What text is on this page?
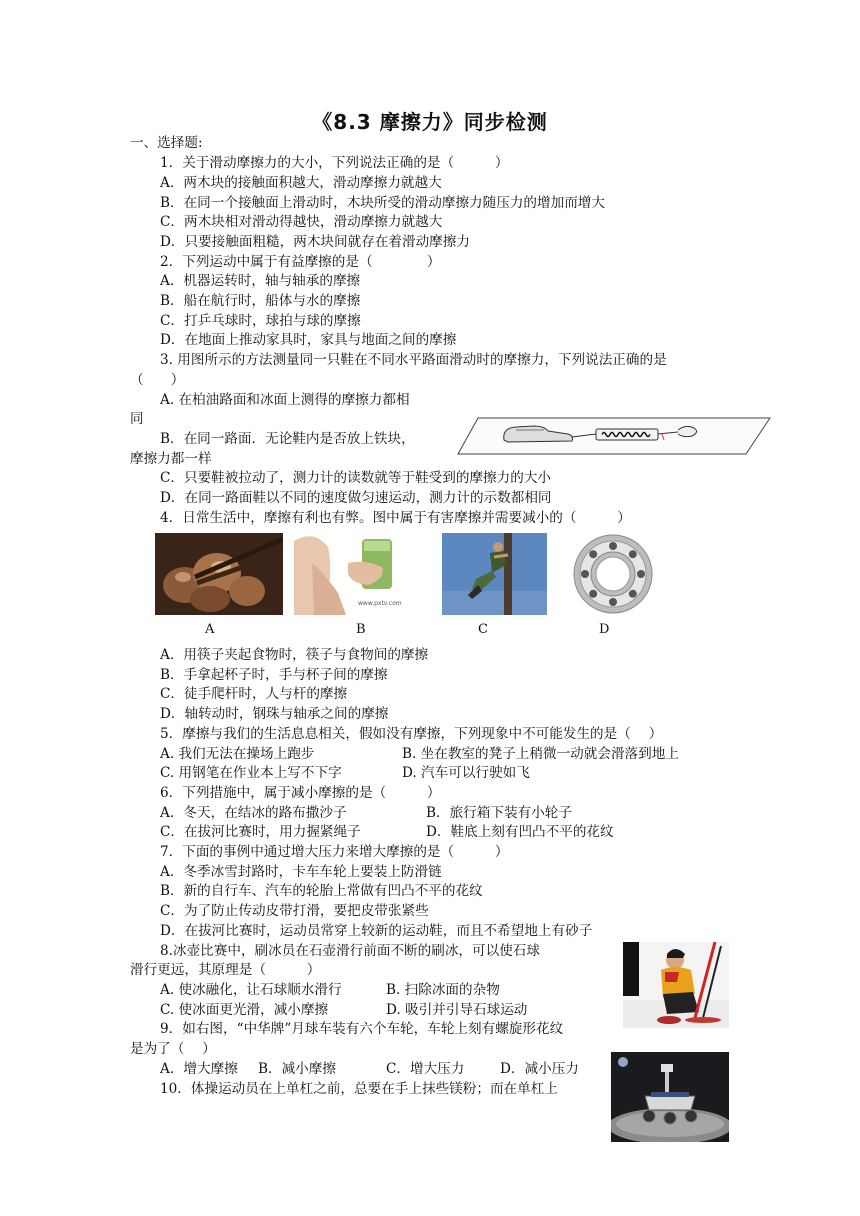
《8.3 摩擦力》同步检测
一、选择题:
1．关于滑动摩擦力的大小，下列说法正确的是（　　　）
A．两木块的接触面积越大，滑动摩擦力就越大
B．在同一个接触面上滑动时，木块所受的滑动摩擦力随压力的增加而增大
C．两木块相对滑动得越快，滑动摩擦力就越大
D．只要接触面粗糙，两木块间就存在着滑动摩擦力
2．下列运动中属于有益摩擦的是（　　　　）
A．机器运转时，轴与轴承的摩擦
B．船在航行时，船体与水的摩擦
C．打乒乓球时，球拍与球的摩擦
D．在地面上推动家具时，家具与地面之间的摩擦
3. 用图所示的方法测量同一只鞋在不同水平路面滑动时的摩擦力，下列说法正确的是
（　　）
A. 在柏油路面和冰面上测得的摩擦力都相
同
B．在同一路面．无论鞋内是否放上铁块，
摩擦力都一样
C．只要鞋被拉动了，测力计的读数就等于鞋受到的摩擦力的大小
D．在同一路面鞋以不同的速度做匀速运动，测力计的示数都相同
4．日常生活中，摩擦有利也有弊。图中属于有害摩擦并需要减小的（　　　）
www.pxtv.com
A	B	C	D
A．用筷子夹起食物时，筷子与食物间的摩擦
B．手拿起杯子时，手与杯子间的摩擦
C．徒手爬杆时，人与杆的摩擦
D．轴转动时，钢珠与轴承之间的摩擦
5．摩擦与我们的生活息息相关，假如没有摩擦，下列现象中不可能发生的是（　 ）
A. 我们无法在操场上跑步	B. 坐在教室的凳子上稍微一动就会滑落到地上
C. 用钢笔在作业本上写不下字	D. 汽车可以行驶如飞
6．下列措施中，属于减小摩擦的是（　　　）
A．冬天，在结冰的路布撒沙子	B．旅行箱下装有小轮子
C．在拔河比赛时，用力握紧绳子	D．鞋底上刻有凹凸不平的花纹
7．下面的事例中通过增大压力来增大摩擦的是（　　　）
A．冬季冰雪封路时，卡车车轮上要装上防滑链
B．新的自行车、汽车的轮胎上常做有凹凸不平的花纹
C．为了防止传动皮带打滑，要把皮带张紧些
D．在拔河比赛时，运动员常穿上较新的运动鞋，而且不希望地上有砂子
8.冰壶比赛中，刷冰员在石壶滑行前面不断的刷冰，可以使石球
滑行更远，其原理是（　　　）
A. 使冰融化，让石球顺水滑行	B. 扫除冰面的杂物
C. 使冰面更光滑，减小摩擦	D. 吸引并引导石球运动
9．如右图，“中华牌”月球车装有六个车轮，车轮上刻有螺旋形花纹
是为了（　 ）
A．增大摩擦 B．减小摩擦	C．增大压力	D．减小压力
10．体操运动员在上单杠之前，总要在手上抹些镁粉；而在单杠上
